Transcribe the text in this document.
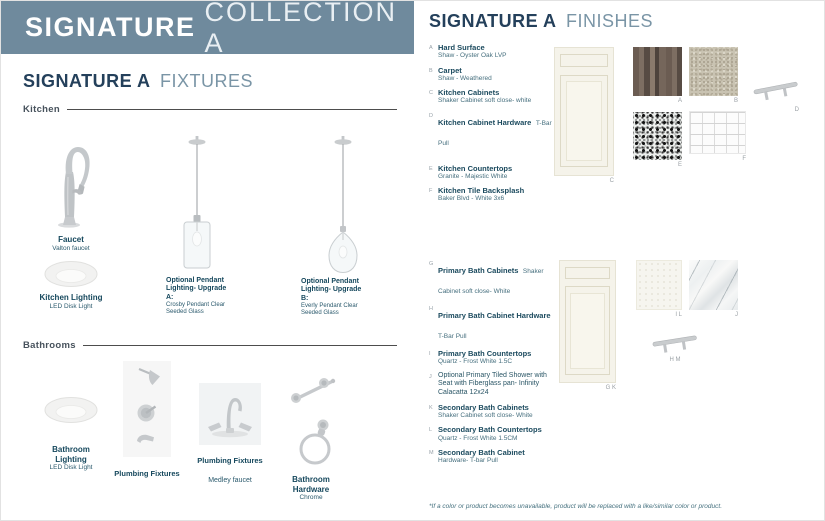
SIGNATURE
COLLECTION A
SIGNATURE A FIXTURES
Kitchen
Faucet
Valton faucet
Kitchen Lighting
LED Disk Light
Optional Pendant Lighting- Upgrade A:
Crosby Pendant Clear Seeded Glass
Optional Pendant Lighting- Upgrade B:
Everly Pendant Clear Seeded Glass
Bathrooms
Bathroom Lighting
LED Disk Light
Plumbing Fixtures
Plumbing Fixtures Medley faucet	Bathroom Hardware
Chrome
SIGNATURE A FINISHES
A Hard Surface
Shaw - Oyster Oak LVP
B Carpet
Shaw - Weathered
C Kitchen Cabinets
Shaker Cabinet soft close- white
D
Kitchen Cabinet Hardware T-Bar Pull
E Kitchen Countertops
Granite - Majestic White
F Kitchen Tile Backsplash
Baker Blvd - White 3x6
G
Primary Bath Cabinets Shaker Cabinet soft close- White
H
Primary Bath Cabinet Hardware T-Bar Pull
I Primary Bath Countertops
Quartz - Frost White 1.5C
J Optional Primary Tiled Shower with Seat with Fiberglass pan- Infinity Calacatta 12x24
K Secondary Bath Cabinets
Shaker Cabinet soft close- White
L Secondary Bath Countertops
Quartz - Frost White 1.5CM
M Secondary Bath Cabinet
Hardware- T-bar Pull
C
A	B
D
E
F
G K
I L	J
H M
*If a color or product becomes unavailable, product will be replaced with a like/similar color or product.
